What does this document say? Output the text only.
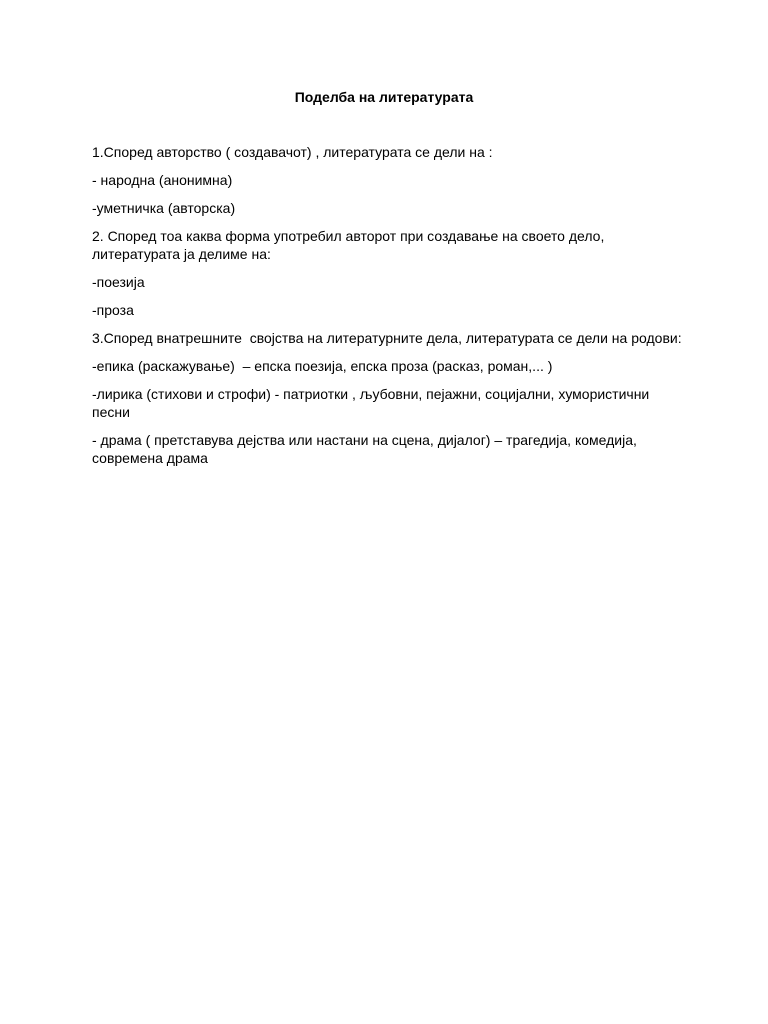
Поделба на литературата

1.Според авторство ( создавачот) , литературата се дели на :

- народна (анонимна)

-уметничка (авторска)

2. Според тоа каква форма употребил авторот при создавање на своето дело, литературата ја делиме на:

-поезија

-проза

3.Според внатрешните  својства на литературните дела, литературата се дели на родови:

-епика (раскажување)  – епска поезија, епска проза (расказ, роман,... )

-лирика (стихови и строфи) - патриотки , љубовни, пејажни, социјални, хумористични песни

- драма ( претставува дејства или настани на сцена, дијалог) – трагедија, комедија, современа драма
